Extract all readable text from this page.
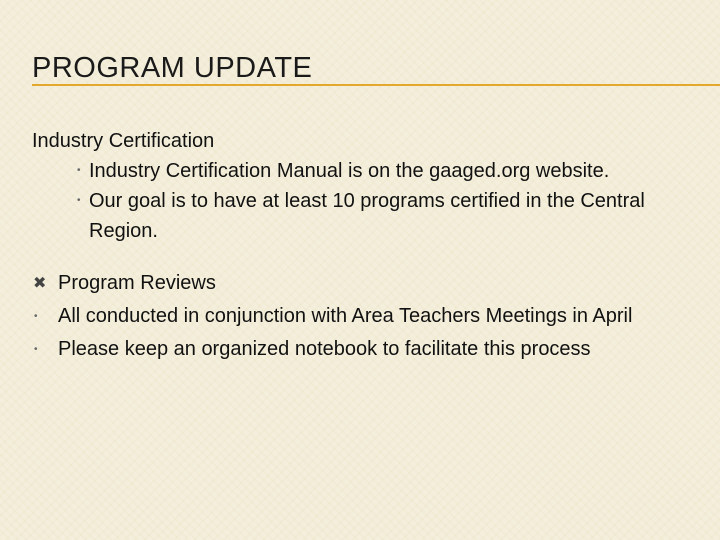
PROGRAM UPDATE

Industry Certification

• Industry Certification Manual is on the gaaged.org website.
• Our goal is to have at least 10 programs certified in the Central Region.
✖ Program Reviews
•	All conducted in conjunction with Area Teachers Meetings in April
•	Please keep an organized notebook to facilitate this process
